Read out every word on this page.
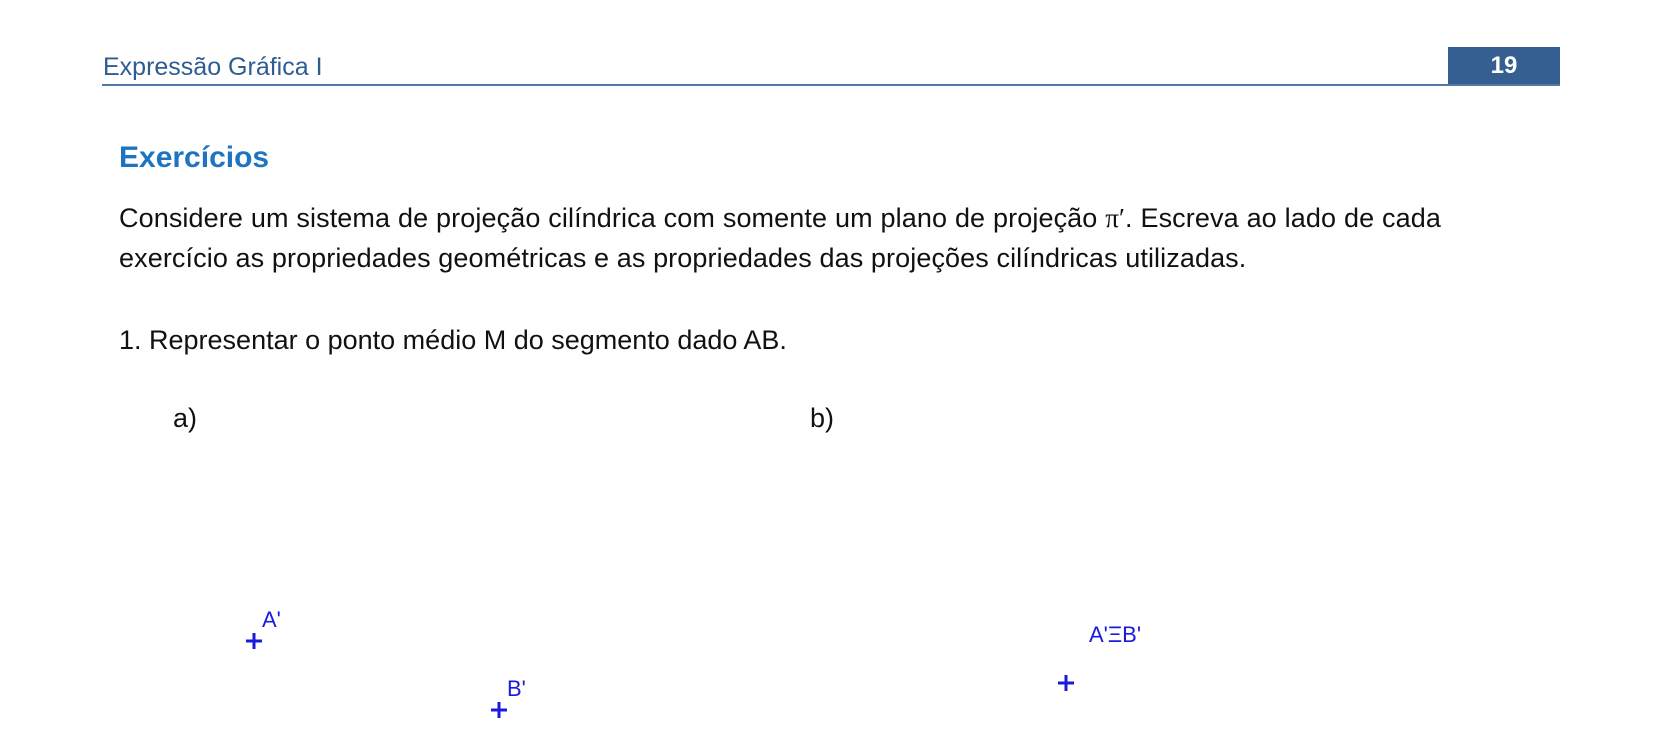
Expressão Gráfica I	19
Exercícios
Considere um sistema de projeção cilíndrica com somente um plano de projeção π′. Escreva ao lado de cada exercício as propriedades geométricas e as propriedades das projeções cilíndricas utilizadas.
1. Representar o ponto médio M do segmento dado AB.
a)	b)
A'
B'
A'ΞB'
